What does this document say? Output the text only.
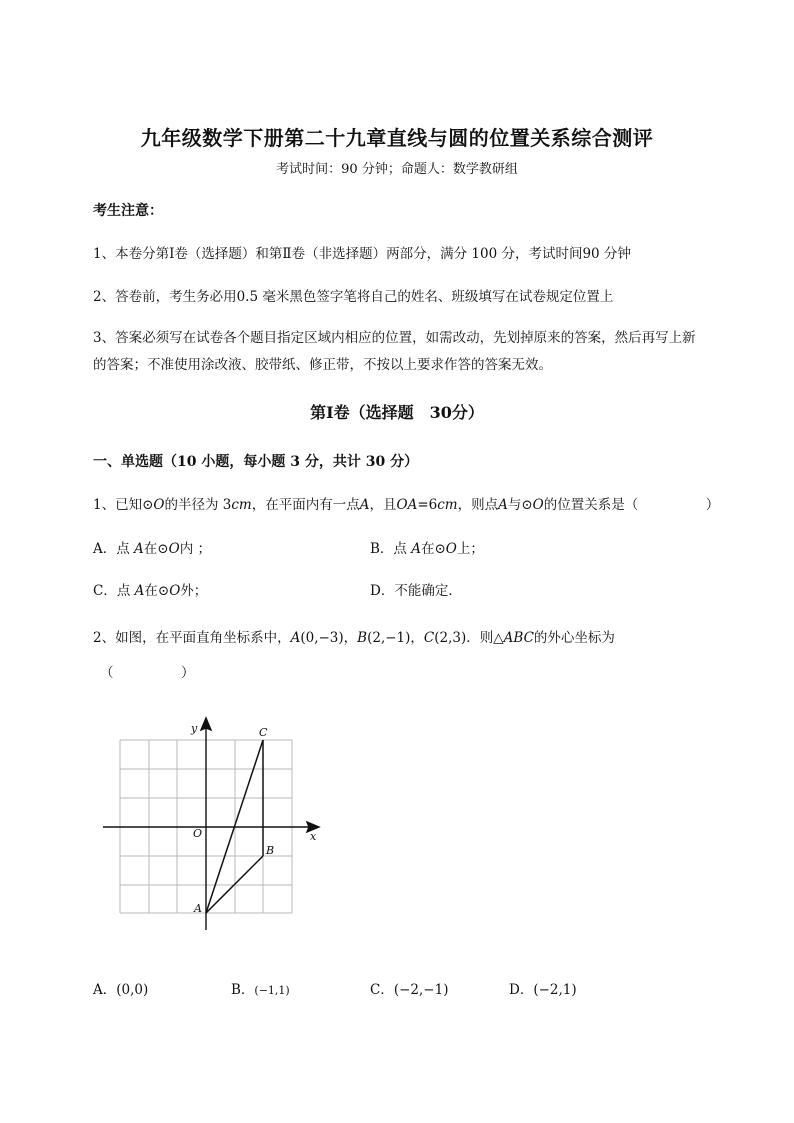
九年级数学下册第二十九章直线与圆的位置关系综合测评
考试时间：90 分钟；命题人：数学教研组
考生注意：
1、本卷分第Ⅰ卷（选择题）和第Ⅱ卷（非选择题）两部分，满分 100 分，考试时间90 分钟
2、答卷前，考生务必用0.5 毫米黑色签字笔将自己的姓名、班级填写在试卷规定位置上
3、答案必须写在试卷各个题目指定区域内相应的位置，如需改动，先划掉原来的答案，然后再写上新
的答案；不准使用涂改液、胶带纸、修正带，不按以上要求作答的答案无效。
第Ⅰ卷（选择题　30分）
一、单选题（10 小题，每小题 3 分，共计 30 分）
1、已知⊙O的半径为 3cm，在平面内有一点A，且OA=6cm，则点A与⊙O的位置关系是（　　　　　）
A．点 A在⊙O内 ；	B．点 A在⊙O上；
C．点 A在⊙O外；	D．不能确定．
2、如图，在平面直角坐标系中，A(0,−3)，B(2,−1)，C(2,3)．则△ABC的外心坐标为
（　　　　　）
y
x
O
C
B
A
A．(0,0)	B．(−1,1)	C．(−2,−1)	D．(−2,1)
